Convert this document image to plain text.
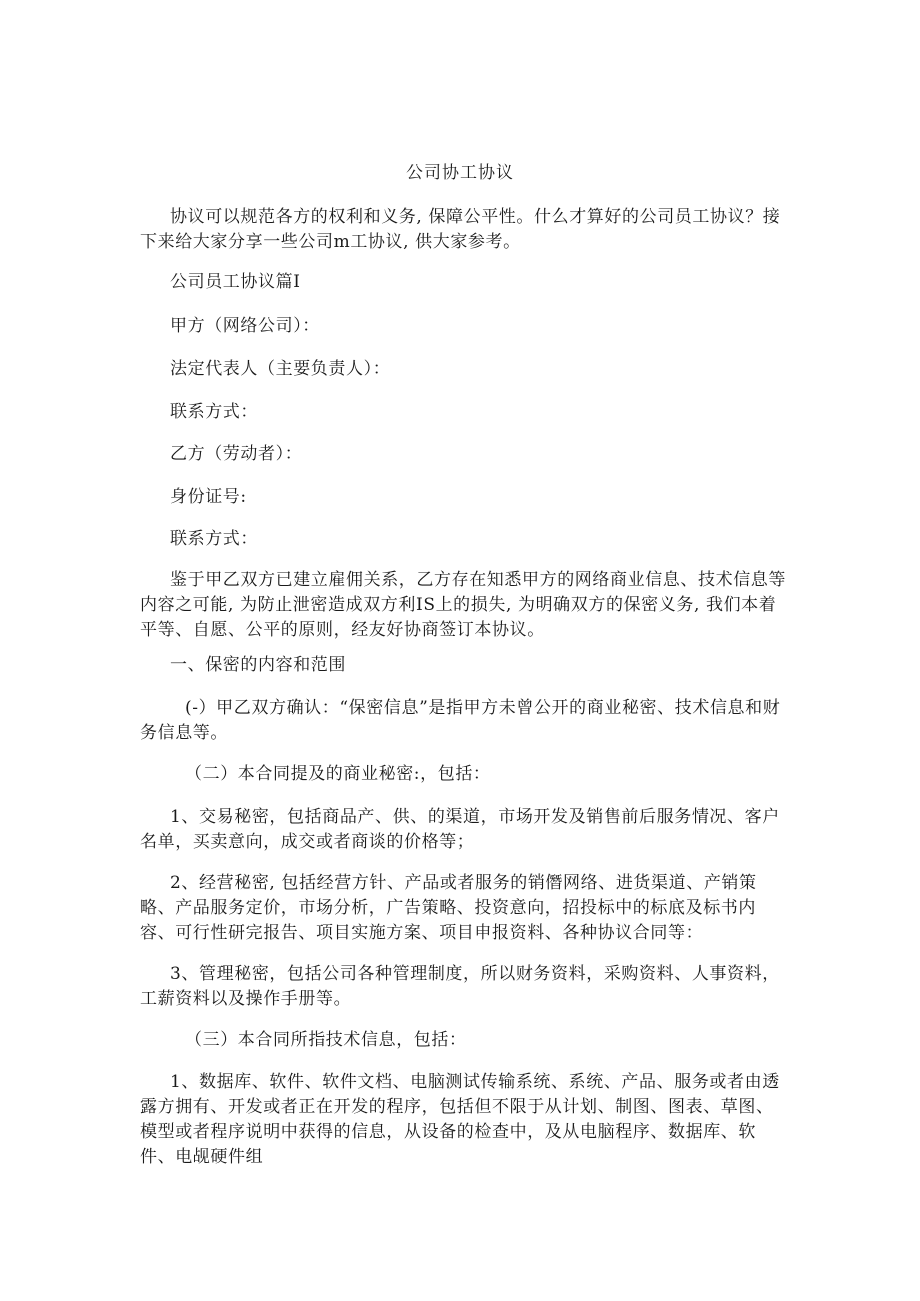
公司协工协议

协议可以规范各方的权利和义务, 保障公平性。什么才算好的公司员工协议？接下来给大家分享一些公司m工协议, 供大家参考。

公司员工协议篇I

甲方（网络公司）：

法定代表人（主要负责人）：

联系方式：

乙方（劳动者）：

身份证号:

联系方式：

鉴于甲乙双方已建立雇佣关系，乙方存在知悉甲方的网络商业信息、技术信息等内容之可能, 为防止泄密造成双方利IS上的损失, 为明确双方的保密义务, 我们本着平等、自愿、公平的原则，经友好协商签订本协议。

一、保密的内容和范围

(-）甲乙双方确认：“保密信息”是指甲方未曾公开的商业秘密、技术信息和财务信息等。

（二）本合同提及的商业秘密:，包括：

1、交易秘密，包括商品产、供、的渠道，市场开发及销售前后服务情况、客户名单，买卖意向，成交或者商谈的价格等；

2、经营秘密, 包括经营方针、产品或者服务的销僭网络、进货渠道、产销策略、产品服务定价，市场分析，广告策略、投资意向，招投标中的标底及标书内容、可行性研完报告、项目实施方案、项目申报资料、各种协议合同等：

3、管理秘密，包括公司各种管理制度，所以财务资料，采购资料、人事资料，工薪资料以及操作手册等。

（三）本合同所指技术信息，包括：

1、数据库、软件、软件文档、电脑测试传输系统、系统、产品、服务或者由透露方拥有、开发或者正在开发的程序，包括但不限于从计划、制图、图表、草图、模型或者程序说明中获得的信息，从设备的检查中，及从电脑程序、数据库、软件、电觇硬件组
